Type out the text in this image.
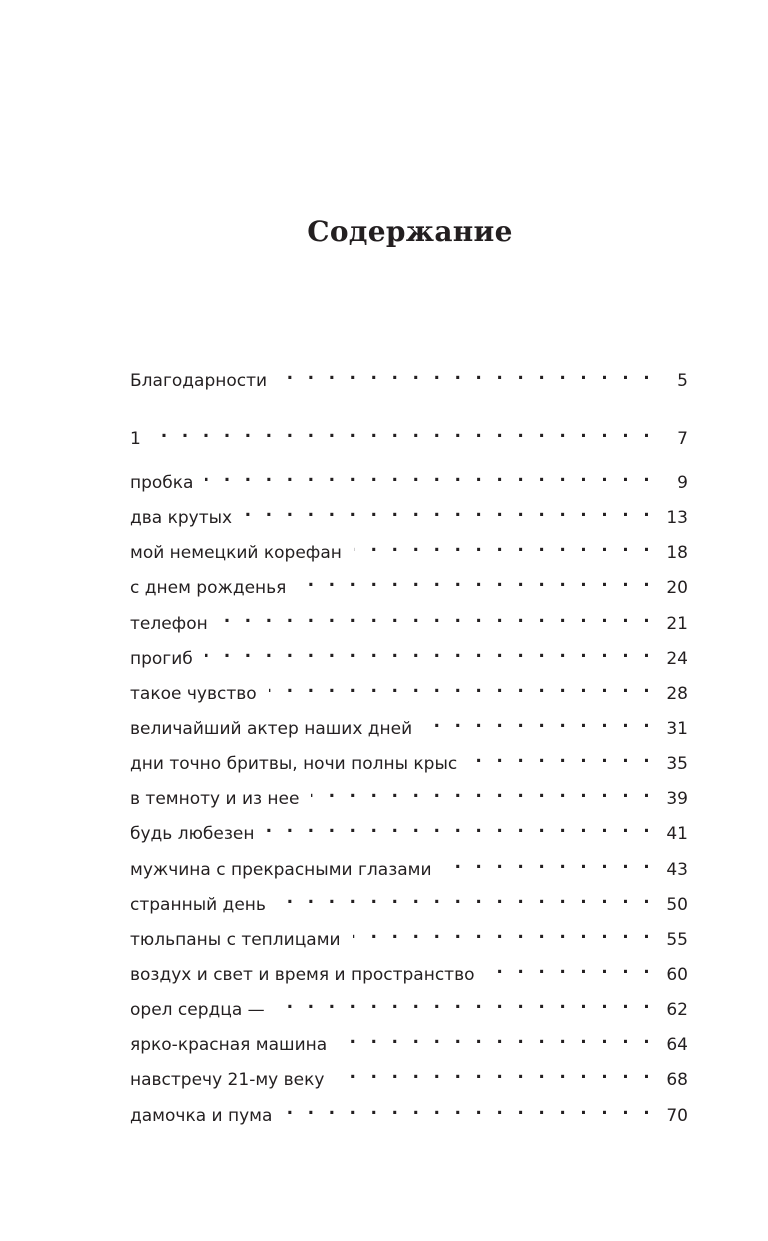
Содержание
Благодарности . . .	5
1 . . .	7
пробка . . .	9
два крутых . . .	13
мой немецкий корефан . . .	18
с днем рожденья . . .	20
телефон . . .	21
прогиб . . .	24
такое чувство . . .	28
величайший актер наших дней . . .	31
дни точно бритвы, ночи полны крыс . . .	35
в темноту и из нее . . .	39
будь любезен . . .	41
мужчина с прекрасными глазами . . .	43
странный день . . .	50
тюльпаны с теплицами . . .	55
воздух и свет и время и пространство . . .	60
орел сердца — . . .	62
ярко-красная машина . . .	64
навстречу 21-му веку . . .	68
дамочка и пума . . .	70
